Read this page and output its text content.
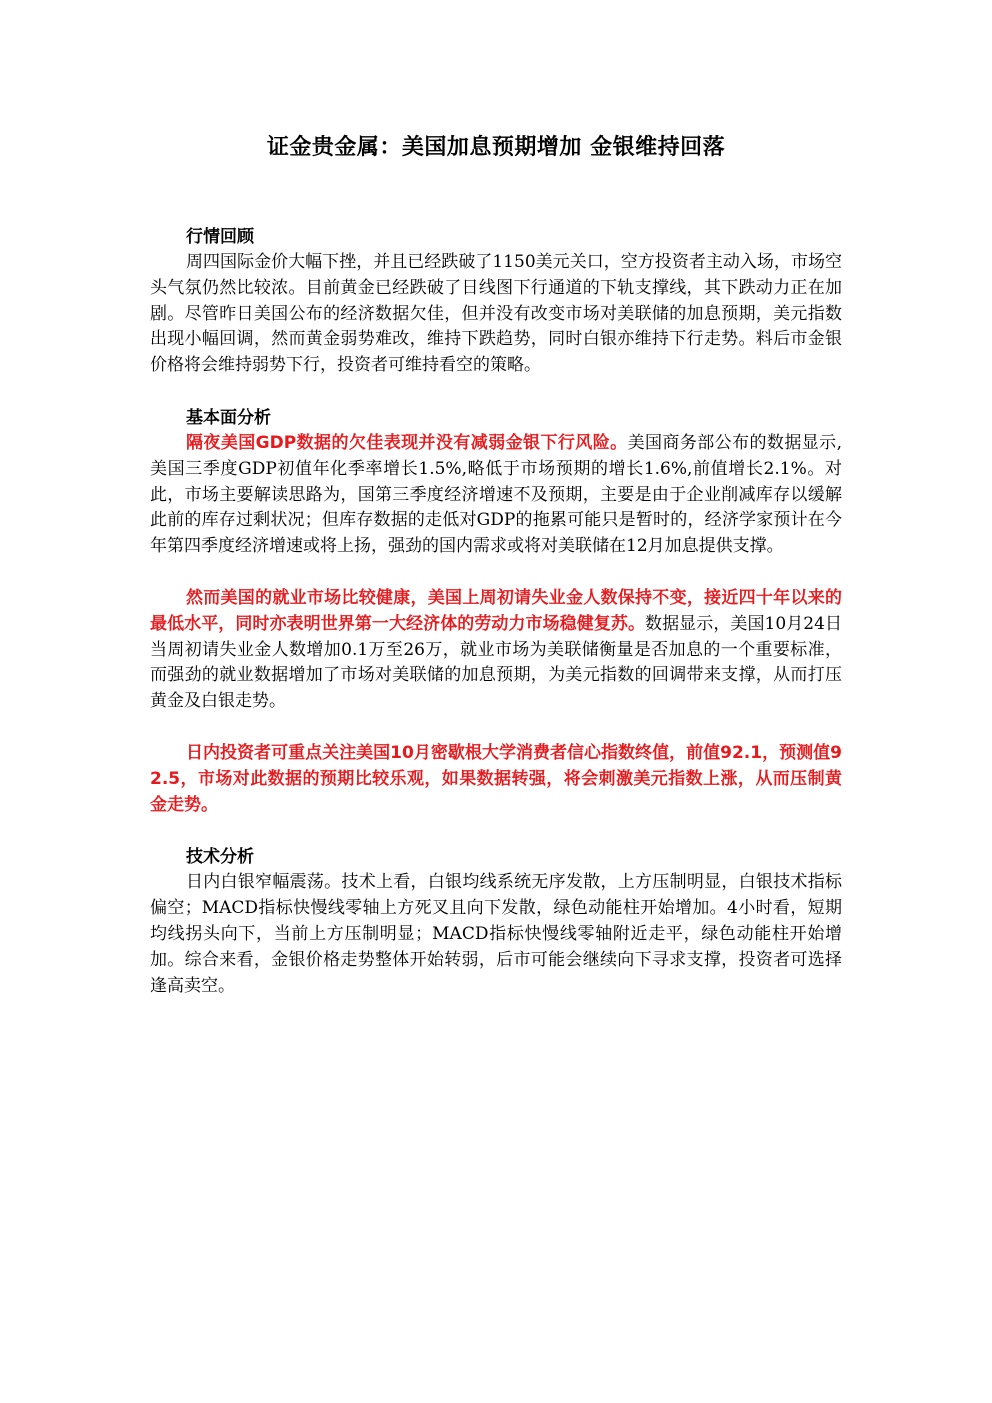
证金贵金属：美国加息预期增加 金银维持回落
行情回顾

周四国际金价大幅下挫，并且已经跌破了1150美元关口，空方投资者主动入场，市场空头气氛仍然比较浓。目前黄金已经跌破了日线图下行通道的下轨支撑线，其下跌动力正在加剧。尽管昨日美国公布的经济数据欠佳，但并没有改变市场对美联储的加息预期，美元指数出现小幅回调，然而黄金弱势难改，维持下跌趋势，同时白银亦维持下行走势。料后市金银价格将会维持弱势下行，投资者可维持看空的策略。

基本面分析

隔夜美国GDP数据的欠佳表现并没有减弱金银下行风险。美国商务部公布的数据显示,美国三季度GDP初值年化季率增长1.5%,略低于市场预期的增长1.6%,前值增长2.1%。对此，市场主要解读思路为，国第三季度经济增速不及预期，主要是由于企业削减库存以缓解此前的库存过剩状况；但库存数据的走低对GDP的拖累可能只是暂时的，经济学家预计在今年第四季度经济增速或将上扬，强劲的国内需求或将对美联储在12月加息提供支撑。

然而美国的就业市场比较健康，美国上周初请失业金人数保持不变，接近四十年以来的最低水平，同时亦表明世界第一大经济体的劳动力市场稳健复苏。数据显示，美国10月24日当周初请失业金人数增加0.1万至26万，就业市场为美联储衡量是否加息的一个重要标准，而强劲的就业数据增加了市场对美联储的加息预期，为美元指数的回调带来支撑，从而打压黄金及白银走势。

日内投资者可重点关注美国10月密歇根大学消费者信心指数终值，前值92.1，预测值92.5，市场对此数据的预期比较乐观，如果数据转强，将会刺激美元指数上涨，从而压制黄金走势。

技术分析

日内白银窄幅震荡。技术上看，白银均线系统无序发散，上方压制明显，白银技术指标偏空；MACD指标快慢线零轴上方死叉且向下发散，绿色动能柱开始增加。4小时看，短期均线拐头向下，当前上方压制明显；MACD指标快慢线零轴附近走平，绿色动能柱开始增加。综合来看，金银价格走势整体开始转弱，后市可能会继续向下寻求支撑，投资者可选择逢高卖空。
